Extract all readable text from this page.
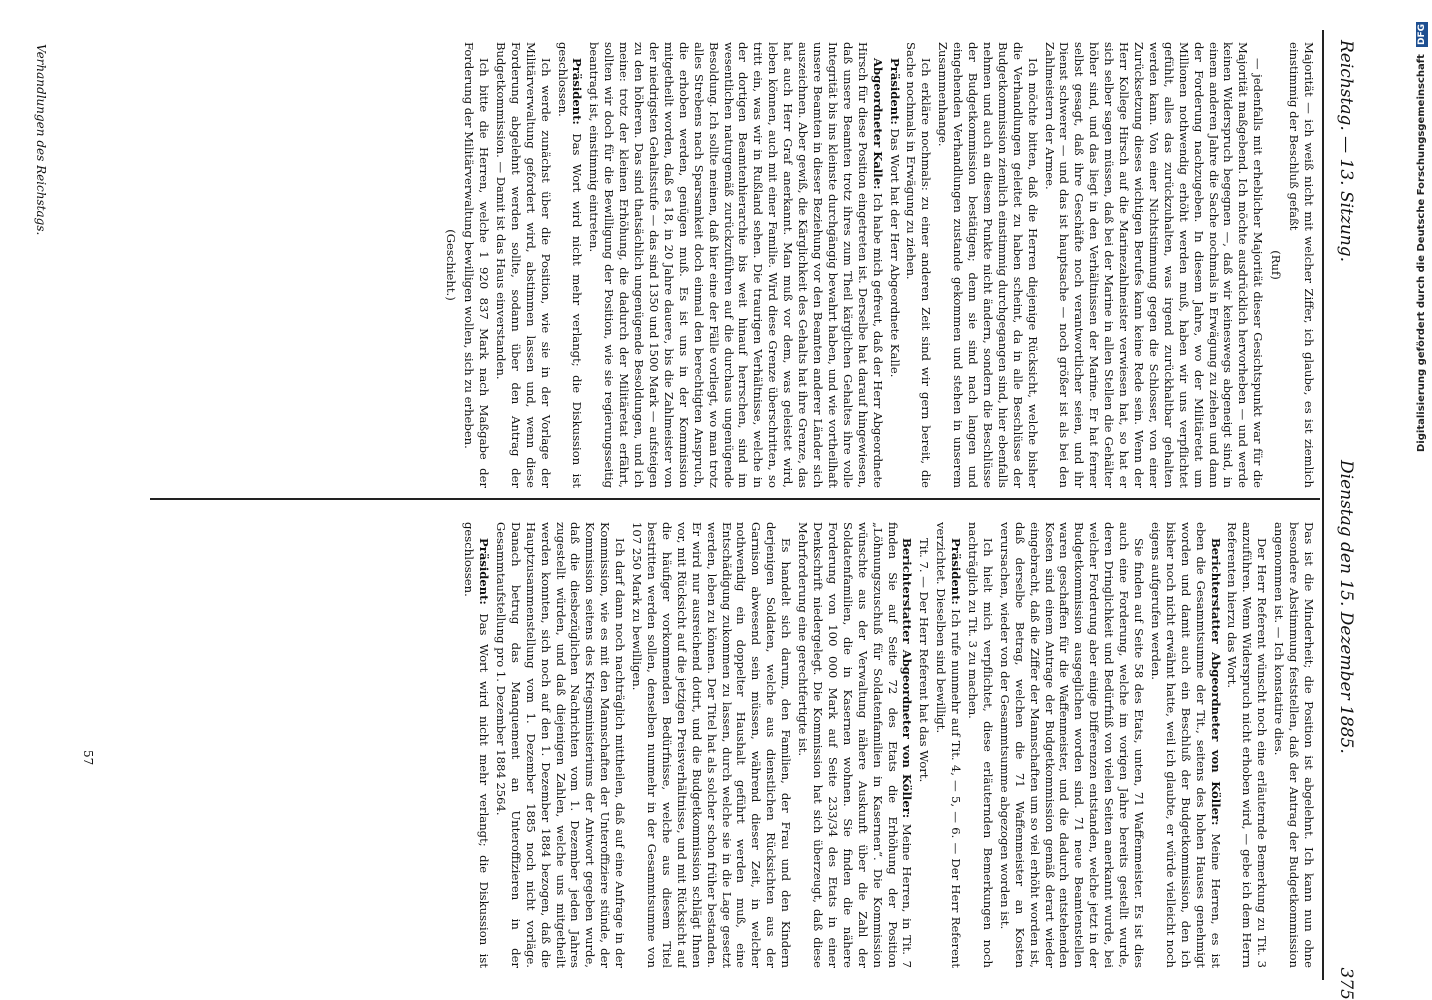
Reichstag. — 13. Sitzung.
Dienstag den 15. Dezember 1885.
375

Majorität — ich weiß nicht mit welcher Ziffer, ich glaube, es ist ziemlich einstimmig der Beschluß gefaßt

(Ruf)

— jedenfalls mit erheblicher Majorität dieser Gesichtspunkt war für die Majorität maßgebend. Ich möchte ausdrücklich hervorheben — und werde keinen Widerspruch begegnen —, daß wir keineswegs abgeneigt sind, in einem anderen Jahre die Sache nochmals in Erwägung zu ziehen und dann der Forderung nachzugeben. In diesem Jahre, wo der Militäretat um Millionen nothwendig erhöht werden muß, haben wir uns verpflichtet gefühlt, alles das zurückzuhalten, was irgend zurückhaltbar gehalten werden kann. Von einer Nichtstimmung gegen die Schlosser, von einer Zurücksetzung dieses wichtigen Berufes kann keine Rede sein. Wenn der Herr Kollege Hirsch auf die Marinezahlmeister verwiesen hat, so hat er sich selber sagen müssen, daß bei der Marine in allen Stellen die Gehälter höher sind, und das liegt in den Verhältnissen der Marine. Er hat ferner selbst gesagt, daß ihre Geschäfte noch verantwortlicher seien, und ihr Dienst schwerer — und das ist hauptsache — noch größer ist als bei den Zahlmeistern der Armee.

Ich möchte bitten, daß die Herren diejenige Rücksicht, welche bisher die Verhandlungen geleitet zu haben scheint, da in alle Beschlüsse der Budgetkommission ziemlich einstimmig durchgegangen sind, hier ebenfalls nehmen und auch an diesem Punkte nicht ändern, sondern die Beschlüsse der Budgetkommission bestätigen; denn sie sind nach langen und eingehenden Verhandlungen zustande gekommen und stehen in unserem Zusammenhange.

Ich erkläre nochmals: zu einer anderen Zeit sind wir gern bereit, die Sache nochmals in Erwägung zu ziehen.

Präsident: Das Wort hat der Herr Abgeordnete Kalle.

Abgeordneter Kalle: Ich habe mich gefreut, daß der Herr Abgeordnete Hirsch für diese Position eingetreten ist. Derselbe hat darauf hingewiesen, daß unsere Beamten trotz ihres zum Theil kärglichen Gehaltes ihre volle Integrität bis ins kleinste durchgängig bewahrt haben, und wie vortheilhaft unsere Beamten in dieser Beziehung vor den Beamten anderer Länder sich auszeichnen. Aber gewiß, die Kärglichkeit des Gehalts hat ihre Grenze, das hat auch Herr Graf anerkannt. Man muß vor dem, was geleistet wird, leben können, auch mit einer Familie. Wird diese Grenze überschritten, so tritt ein, was wir in Rußland sehen. Die traurigen Verhältnisse, welche in der dortigen Beamtenhierarchie bis weit hinauf herrschen, sind im wesentlichen naturgemäß zurückzuführen auf die durchaus ungenügende Besoldung. Ich sollte meinen, daß hier eine der Fälle vorliegt, wo man trotz alles Strebens nach Sparsamkeit doch einmal den berechtigten Anspruch, die erhoben werden, genügen muß. Es ist uns in der Kommission mitgetheilt worden, daß es 18, in 20 Jahre dauere, bis die Zahlmeister von der niedrigsten Gehaltsstufe — das sind 1350 und 1500 Mark — aufsteigen zu den höheren. Das sind thatsächlich ungenügende Besoldungen, und ich meine: trotz der kleinen Erhöhung, die dadurch der Militäretat erfährt, sollten wir doch für die Bewilligung der Position, wie sie regierungsseitig beantragt ist, einstimmig eintreten.

Präsident: Das Wort wird nicht mehr verlangt; die Diskussion ist geschlossen.

Ich werde zunächst über die Position, wie sie in der Vorlage der Militärverwaltung gefordert wird, abstimmen lassen und, wenn diese Forderung abgelehnt werden sollte, sodann über den Antrag der Budgetkommission. — Damit ist das Haus einverstanden.

Ich bitte die Herren, welche 1 920 837 Mark nach Maßgabe der Forderung der Militärverwaltung bewilligen wollen, sich zu erheben.

(Geschieht.)

Das ist die Minderheit; die Position ist abgelehnt. Ich kann nun ohne besondere Abstimmung feststellen, daß der Antrag der Budgetkommission angenommen ist. — Ich konstatire dies.

Der Herr Referent wünscht noch eine erläuternde Bemerkung zu Tit. 3 anzuführen. Wenn Widerspruch nicht erhoben wird, — gebe ich dem Herrn Referenten hierzu das Wort.

Berichterstatter Abgeordneter von Köller: Meine Herren, es ist eben die Gesammtsumme der Tit., seitens des hohen Hauses genehmigt worden und damit auch ein Beschluß der Budgetkommission, den ich bisher noch nicht erwähnt hatte, weil ich glaubte, er würde vielleicht noch eigens aufgerufen werden.

Sie finden auf Seite 58 des Etats, unten, 71 Waffenmeister. Es ist dies auch eine Forderung, welche im vorigen Jahre bereits gestellt wurde, deren Dringlichkeit und Bedürfniß von vielen Seiten anerkannt wurde, bei welcher Forderung aber einige Differenzen entstanden, welche jetzt in der Budgetkommission ausgeglichen worden sind. 71 neue Beamtenstellen waren geschaffen für die Waffenmeister, und die dadurch entstehenden Kosten sind einem Antrage der Budgetkommission gemäß derart wieder eingebracht, daß die Ziffer der Mannschaften um so viel erhöht worden ist, daß derselbe Betrag, welchen die 71 Waffenmeister an Kosten verursachen, wieder von der Gesammtsumme abgezogen worden ist.

Ich hielt mich verpflichtet, diese erläuternden Bemerkungen noch nachträglich zu Tit. 3 zu machen.

Präsident: Ich rufe nunmehr auf Tit. 4, — 5, — 6. — Der Herr Referent verzichtet. Dieselben sind bewilligt.

Tit. 7. — Der Herr Referent hat das Wort.

Berichterstatter Abgeordneter von Köller: Meine Herren, in Tit. 7 finden Sie auf Seite 72 des Etats die Erhöhung der Position „Löhnungszuschuß für Soldatenfamilien in Kasernen“. Die Kommission wünschte aus der Verwaltung nähere Auskunft über die Zahl der Soldatenfamilien, die in Kasernen wohnen. Sie finden die nähere Forderung von 100 000 Mark auf Seite 233/34 des Etats in einer Denkschrift niedergelegt. Die Kommission hat sich überzeugt, daß diese Mehrforderung eine gerechtfertigte ist.

Es handelt sich darum, den Familien, der Frau und den Kindern derjenigen Soldaten, welche aus dienstlichen Rücksichten aus der Garnison abwesend sein müssen, während dieser Zeit, in welcher nothwendig ein doppelter Haushalt geführt werden muß, eine Entschädigung zukommen zu lassen, durch welche sie in die Lage gesetzt werden, leben zu können. Der Titel hat als solcher schon früher bestanden. Er wird nur ausreichend dotirt, und die Budgetkommission schlägt Ihnen vor, mit Rücksicht auf die jetzigen Preisverhältnisse, und mit Rücksicht auf die häufiger vorkommenden Bedürfnisse, welche aus diesem Titel bestritten werden sollen, denselben nunmehr in der Gesammtsumme von 107 250 Mark zu bewilligen.

Ich darf dann noch nachträglich mittheilen, daß auf eine Anfrage in der Kommission, wie es mit den Mannschaften der Unteroffiziere stünde, der Kommission seitens des Kriegsministeriums der Antwort gegeben wurde, daß die diesbezüglichen Nachrichten vom 1. Dezember jeden Jahres zugestellt würden, und daß diejenigen Zahlen, welche uns mitgetheilt werden konnten, sich noch auf den 1. Dezember 1884 bezogen, daß die Hauptzusammenstellung vom 1. Dezember 1885 noch nicht vorläge. Danach betrug das Manquement an Unteroffizieren in der Gesammtaufstellung pro 1. Dezember 1884 2564.

Präsident: Das Wort wird nicht mehr verlangt; die Diskussion ist geschlossen.

57
Verhandlungen des Reichstags.	Digitalisierung gefördert durch die Deutsche Forschungsgemeinschaft  DFG
